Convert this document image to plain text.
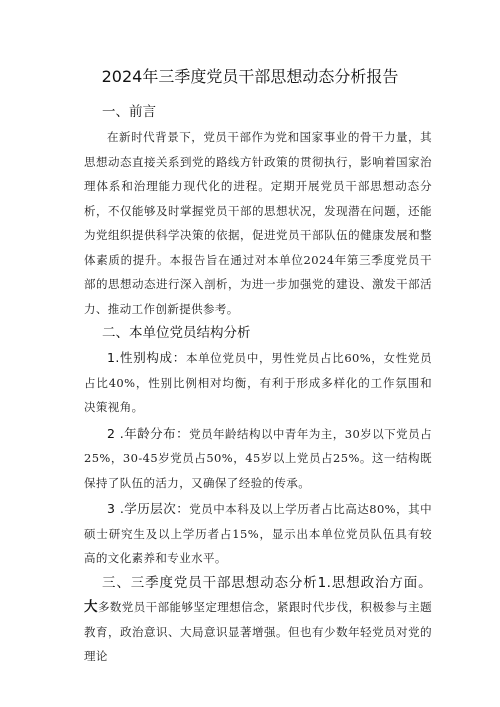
2024年三季度党员干部思想动态分析报告
一、前言

在新时代背景下，党员干部作为党和国家事业的骨干力量，其思想动态直接关系到党的路线方针政策的贯彻执行，影响着国家治理体系和治理能力现代化的进程。定期开展党员干部思想动态分析，不仅能够及时掌握党员干部的思想状况，发现潜在问题，还能为党组织提供科学决策的依据，促进党员干部队伍的健康发展和整体素质的提升。本报告旨在通过对本单位2024年第三季度党员干部的思想动态进行深入剖析，为进一步加强党的建设、激发干部活力、推动工作创新提供参考。

二、本单位党员结构分析

1.性别构成：本单位党员中，男性党员占比60%，女性党员占比40%，性别比例相对均衡，有利于形成多样化的工作氛围和决策视角。

2 .年龄分布：党员年龄结构以中青年为主，30岁以下党员占25%，30-45岁党员占50%，45岁以上党员占25%。这一结构既保持了队伍的活力，又确保了经验的传承。

3 .学历层次：党员中本科及以上学历者占比高达80%，其中硕士研究生及以上学历者占15%，显示出本单位党员队伍具有较高的文化素养和专业水平。

三、三季度党员干部思想动态分析1.思想政治方面。大多数党员干部能够坚定理想信念，紧跟时代步伐，积极参与主题教育，政治意识、大局意识显著增强。但也有少数年轻党员对党的理论
